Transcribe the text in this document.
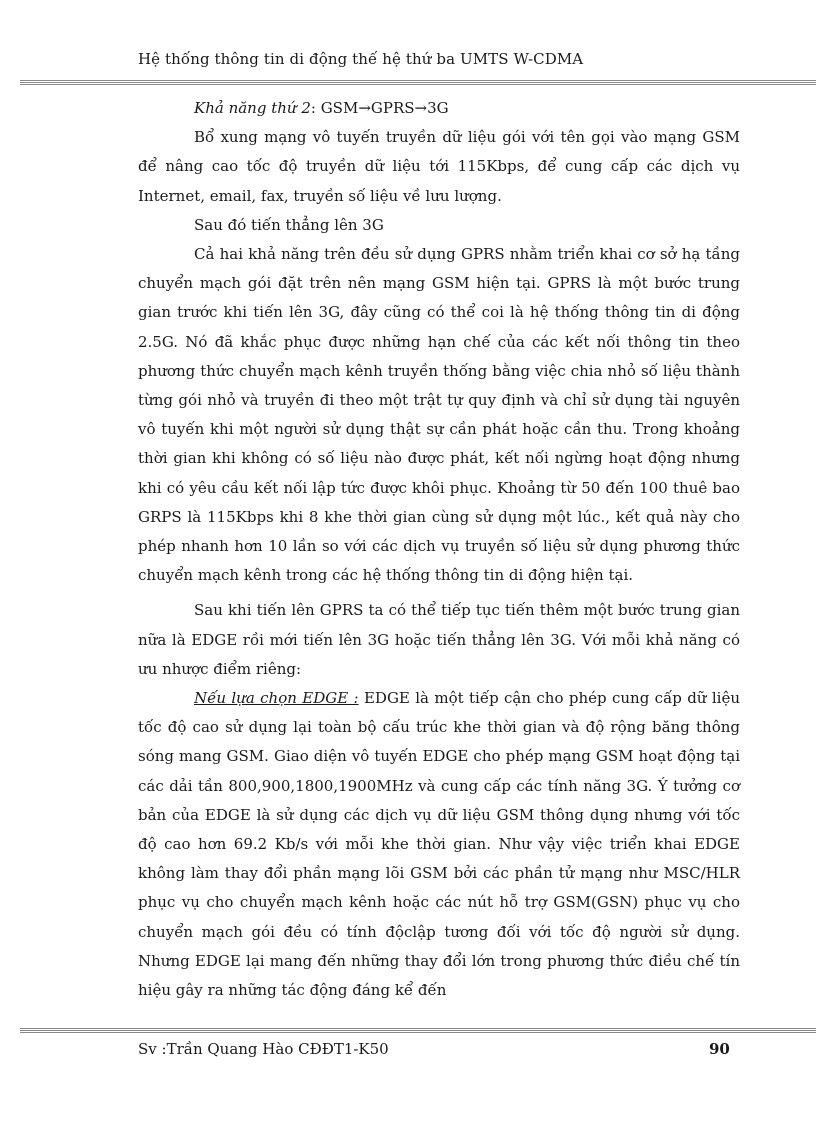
Hệ thống thông tin di động thế hệ thứ ba UMTS W-CDMA

Khả năng thứ 2: GSM→GPRS→3G

Bổ xung mạng vô tuyến truyền dữ liệu gói với tên gọi vào mạng GSM để nâng cao tốc độ truyền dữ liệu tới 115Kbps, để cung cấp các dịch vụ Internet, email, fax, truyền số liệu về lưu lượng.

Sau đó tiến thẳng lên 3G

Cả hai khả năng trên đều sử dụng GPRS nhằm triển khai cơ sở hạ tầng chuyển mạch gói đặt trên nên mạng GSM hiện tại. GPRS là một bước trung gian trước khi tiến lên 3G, đây cũng có thể coi là hệ thống thông tin di động 2.5G. Nó đã khắc phục được những hạn chế của các kết nối thông tin theo phương thức chuyển mạch kênh truyền thống bằng việc chia nhỏ số liệu thành từng gói nhỏ và truyền đi theo một trật tự quy định và chỉ sử dụng tài nguyên vô tuyến khi một người sử dụng thật sự cần phát hoặc cần thu. Trong khoảng thời gian khi không có số liệu nào được phát, kết nối ngừng hoạt động nhưng khi có yêu cầu kết nối lập tức được khôi phục. Khoảng từ 50 đến 100 thuê bao GRPS là 115Kbps khi 8 khe thời gian cùng sử dụng một lúc., kết quả này cho phép nhanh hơn 10 lần so với các dịch vụ truyền số liệu sử dụng phương thức chuyển mạch kênh trong các hệ thống thông tin di động hiện tại.

Sau khi tiến lên GPRS ta có thể tiếp tục tiến thêm một bước trung gian nữa là EDGE rồi mới tiến lên 3G hoặc tiến thẳng lên 3G. Với mỗi khả năng có ưu nhược điểm riêng:

Nếu lựa chọn EDGE : EDGE là một tiếp cận cho phép cung cấp dữ liệu tốc độ cao sử dụng lại toàn bộ cấu trúc khe thời gian và độ rộng băng thông sóng mang GSM. Giao diện vô tuyến EDGE cho phép mạng GSM hoạt động tại các dải tần 800,900,1800,1900MHz và cung cấp các tính năng 3G. Ý tưởng cơ bản của EDGE là sử dụng các dịch vụ dữ liệu GSM thông dụng nhưng với tốc độ cao hơn 69.2 Kb/s với mỗi khe thời gian. Như vậy việc triển khai EDGE không làm thay đổi phần mạng lõi GSM bởi các phần tử mạng như MSC/HLR phục vụ cho chuyển mạch kênh hoặc các nút hỗ trợ GSM(GSN) phục vụ cho chuyển mạch gói đều có tính độclập tương đối với tốc độ người sử dụng. Nhưng EDGE lại mang đến những thay đổi lớn trong phương thức điều chế tín hiệu gây ra những tác động đáng kể đến

Sv :Trần Quang Hào CĐĐT1-K50	90
